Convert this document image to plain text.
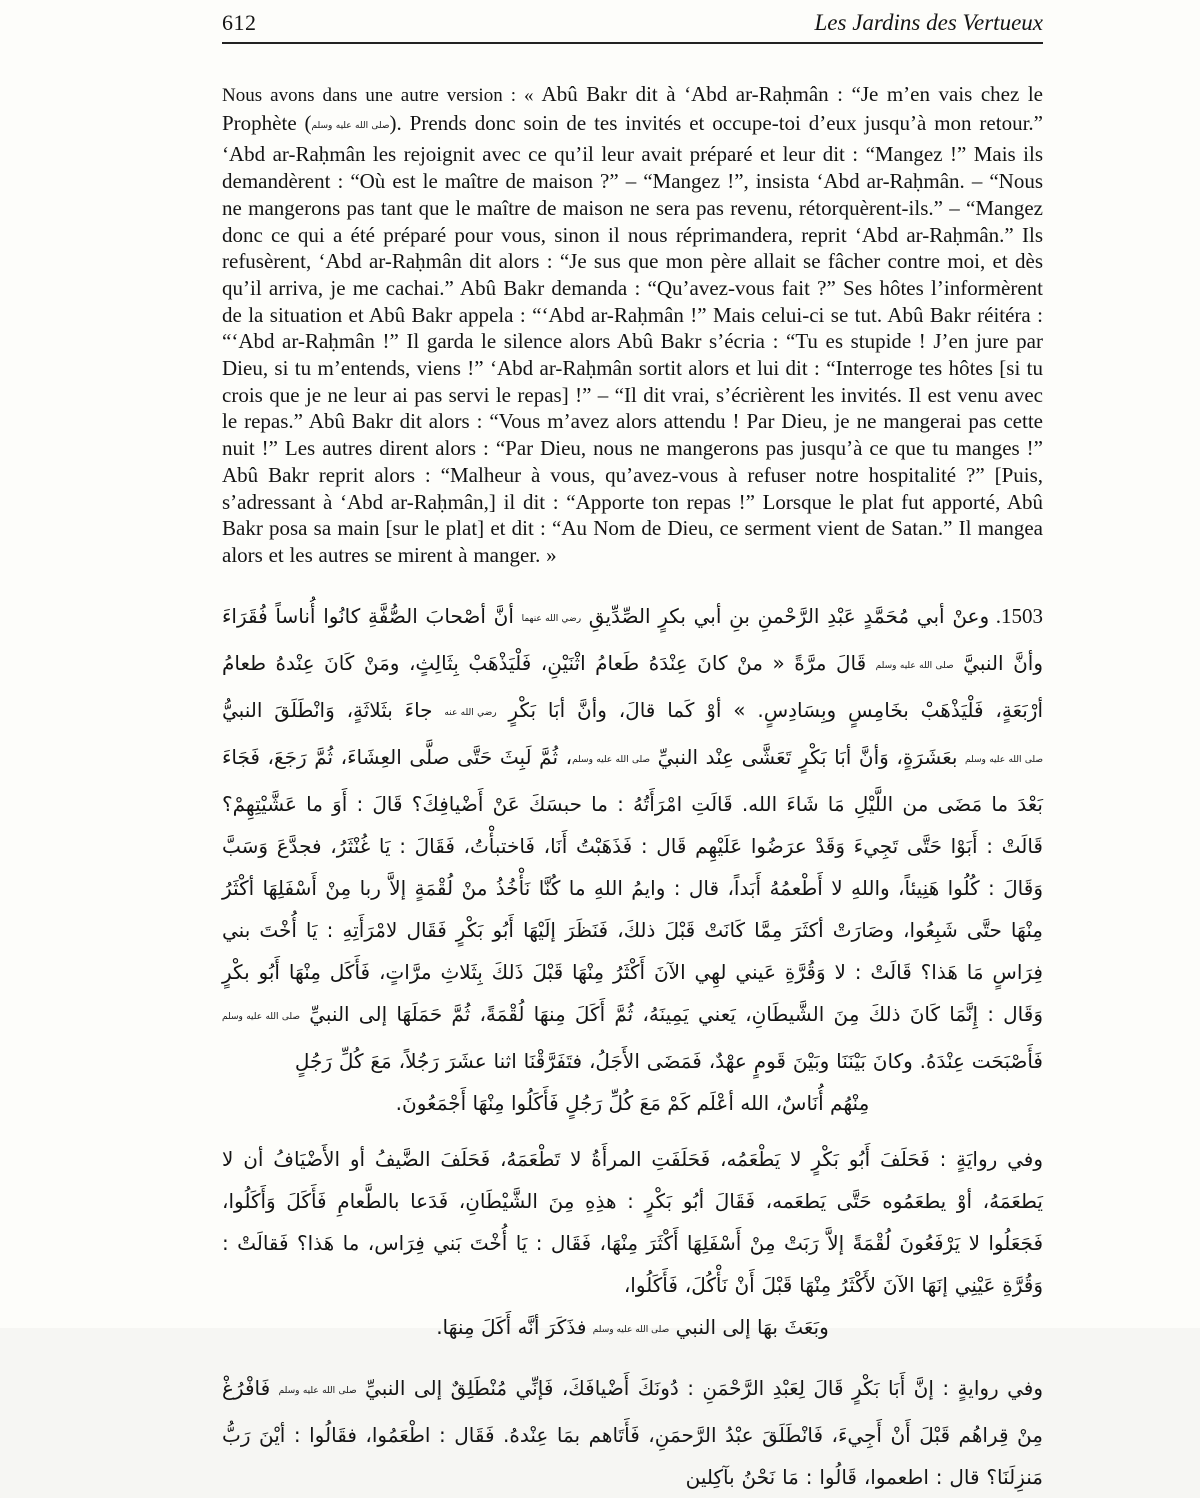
612	Les Jardins des Vertueux

Nous avons dans une autre version : « Abû Bakr dit à ‘Abd ar-Raḥmân : “Je m’en vais chez le Prophète (صلى الله عليه وسلم). Prends donc soin de tes invités et occupe-toi d’eux jusqu’à mon retour.” ‘Abd ar-Raḥmân les rejoignit avec ce qu’il leur avait préparé et leur dit : “Mangez !” Mais ils demandèrent : “Où est le maître de maison ?” – “Mangez !”, insista ‘Abd ar-Raḥmân. – “Nous ne mangerons pas tant que le maître de maison ne sera pas revenu, rétorquèrent-ils.” – “Mangez donc ce qui a été préparé pour vous, sinon il nous réprimandera, reprit ‘Abd ar-Raḥmân.” Ils refusèrent, ‘Abd ar-Raḥmân dit alors : “Je sus que mon père allait se fâcher contre moi, et dès qu’il arriva, je me cachai.” Abû Bakr demanda : “Qu’avez-vous fait ?” Ses hôtes l’informèrent de la situation et Abû Bakr appela : “‘Abd ar-Raḥmân !” Mais celui-ci se tut. Abû Bakr réitéra : “‘Abd ar-Raḥmân !” Il garda le silence alors Abû Bakr s’écria : “Tu es stupide ! J’en jure par Dieu, si tu m’entends, viens !” ‘Abd ar-Raḥmân sortit alors et lui dit : “Interroge tes hôtes [si tu crois que je ne leur ai pas servi le repas] !” – “Il dit vrai, s’écrièrent les invités. Il est venu avec le repas.” Abû Bakr dit alors : “Vous m’avez alors attendu ! Par Dieu, je ne mangerai pas cette nuit !” Les autres dirent alors : “Par Dieu, nous ne mangerons pas jusqu’à ce que tu manges !” Abû Bakr reprit alors : “Malheur à vous, qu’avez-vous à refuser notre hospitalité ?” [Puis, s’adressant à ‘Abd ar-Raḥmân,] il dit : “Apporte ton repas !” Lorsque le plat fut apporté, Abû Bakr posa sa main [sur le plat] et dit : “Au Nom de Dieu, ce serment vient de Satan.” Il mangea alors et les autres se mirent à manger. »

1503. وعنْ أبي مُحَمَّدٍ عَبْدِ الرَّحْمنِ بنِ أبي بكرٍ الصِّدِّيقِ رضي الله عنهما أنَّ أصْحابَ الصُّفَّةِ كانُوا أُناساً فُقَرَاءَ وأنَّ النبيَّ صلى الله عليه وسلم قَالَ مرَّةً « منْ كانَ عِنْدَهُ طَعامُ اثْنَيْنِ، فَلْيَذْهَبْ بِثَالِثٍ، ومَنْ كَانَ عِنْدهُ طعامُ أرْبَعَةٍ، فَلْيَذْهَبْ بخَامِسٍ وبِسَادِسٍ. » أوْ كَما قالَ، وأنَّ أبَا بَكْرٍ رضي الله عنه جاءَ بثَلاثَةٍ، وَانْطَلَقَ النبيُّ صلى الله عليه وسلم بعَشَرَةٍ، وَأنَّ أبَا بَكْرٍ تَعَشَّى عِنْد النبيِّ صلى الله عليه وسلم، ثُمَّ لَبِثَ حَتَّى صلَّى العِشَاءَ، ثُمَّ رَجَعَ، فَجَاءَ بَعْدَ ما مَضَى من اللَّيْلِ مَا شَاءَ الله. قَالَتِ امْرَأَتُهُ : ما حبسَكَ عَنْ أَضْيافِكَ؟ قَالَ : أَوَ ما عَشَّيْتِهِمْ؟ قَالَتْ : أَبَوْا حَتَّى تَجِيءَ وَقَدْ عرَضُوا عَلَيْهِم قَال : فَذَهَبْتُ أَنَا، فَاختبأْتُ، فَقَالَ : يَا غُنْثَرُ، فجدَّعَ وَسَبَّ وَقَالَ : كُلُوا هَنِيئاً، واللهِ لا أَطْعمُهُ أَبَداً، قال : وايمُ اللهِ ما كُنَّا نَأْخُذُ منْ لُقْمَةٍ إلاَّ ربا مِنْ أَسْفَلِهَا أكْثَرُ مِنْهَا حتَّى شَبِعُوا، وصَارَتْ أكثَرَ مِمَّا كَانَتْ قَبْلَ ذلكَ، فَنَظَرَ إلَيْهَا أَبُو بَكْرٍ فَقَال لامْرَأَتِهِ : يَا أُخْتَ بني فِرَاسٍ مَا هَذا؟ قَالَتْ : لا وَقُرَّةِ عَيني لهِي الآنَ أَكْثَرُ مِنْهَا قَبْلَ ذَلكَ بِثَلاثِ مرَّاتٍ، فَأَكَل مِنْهَا أَبُو بكْرٍ وَقَال : إِنَّمَا كَانَ ذلكَ مِنَ الشَّيطَانِ، يَعني يَمِينَهُ، ثُمَّ أَكَلَ مِنهَا لُقْمَةً، ثُمَّ حَمَلَهَا إلى النبيِّ صلى الله عليه وسلم فَأَصْبَحَت عِنْدَهُ. وكانَ بَيْنَنَا وبَيْنَ قَومٍ عهْدٌ، فَمَضَى الأَجَلُ، فتَفَرَّقْنَا اثنا عشَرَ رَجُلاً، مَعَ كُلِّ رَجُلٍ

مِنْهُم أُنَاسٌ، الله أعْلَم كَمْ مَعَ كُلِّ رَجُلٍ فَأَكَلُوا مِنْهَا أَجْمَعُونَ.

وفي روايَةٍ : فَحَلَفَ أَبُو بَكْرٍ لا يَطْعَمُه، فَحَلَفَتِ المرأَةُ لا تَطْعَمَهُ، فَحَلَفَ الضَّيفُ أو الأَضْيَافُ أن لا يَطعَمَهُ، أوْ يطعَمُوه حَتَّى يَطعَمه، فَقَالَ أبُو بَكْرٍ : هذِهِ مِنَ الشَّيْطَانِ، فَدَعا بالطَّعامِ فَأَكَلَ وَأَكَلُوا، فَجَعَلُوا لا يَرْفَعُونَ لُقْمَةً إلاَّ رَبَتْ مِنْ أَسْفَلِهَا أَكْثَرَ مِنْهَا، فَقَال : يَا أُخْتَ بَني فِرَاس، ما هَذا؟ فَقالَتْ : وَقُرَّةِ عَيْنِي إنَهَا الآنَ لأَكْثَرُ مِنْهَا قَبْلَ أَنْ نَأْكُلَ، فَأَكَلُوا،

وبَعَثَ بهَا إلى النبي صلى الله عليه وسلم فذَكَرَ أنَّه أَكَلَ مِنهَا.

وفي روايةٍ : إنَّ أَبَا بَكْرٍ قَالَ لِعَبْدِ الرَّحْمَنِ : دُونَكَ أَضْيافَكَ، فَإنِّي مُنْطَلِقٌ إلى النبيِّ صلى الله عليه وسلم فَافْرُغْ مِنْ قِراهُم قَبْلَ أَنْ أَجِيءَ، فَانْطَلَقَ عبْدُ الرَّحمَنِ، فَأَتَاهم بمَا عِنْدهُ. فَقَال : اطْعَمُوا، فقَالُوا : أيْنَ رَبُّ مَنزِلَنَا؟ قال : اطعموا، قَالُوا : مَا نَحْنُ بآكِلين
